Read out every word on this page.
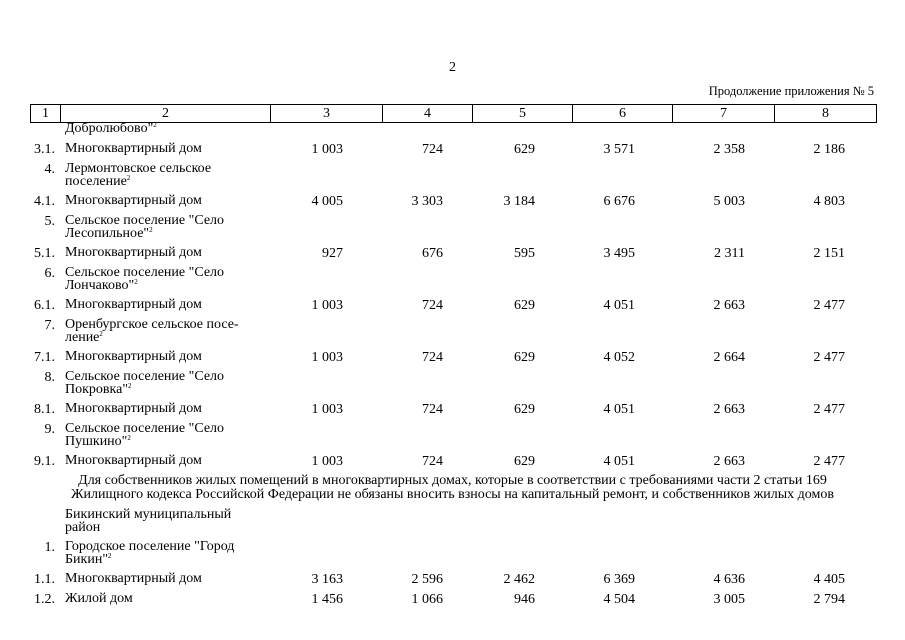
2
Продолжение приложения № 5
1	2	3	4	5	6	7	8
Добролюбово"$^2$
3.1. Многоквартирный дом	1 003	724	629	3 571	2 358	2 186
4. Лермонтовское сельское
поселение$^2$
4.1. Многоквартирный дом	4 005	3 303	3 184	6 676	5 003	4 803
5. Сельское поселение "Село
Лесопильное"$^2$
5.1. Многоквартирный дом	927	676	595	3 495	2 311	2 151
6. Сельское поселение "Село
Лончаково"$^2$
6.1. Многоквартирный дом	1 003	724	629	4 051	2 663	2 477
7. Оренбургское сельское посе-
ление$^2$
7.1. Многоквартирный дом	1 003	724	629	4 052	2 664	2 477
8. Сельское поселение "Село
Покровка"$^2$
8.1. Многоквартирный дом	1 003	724	629	4 051	2 663	2 477
9. Сельское поселение "Село
Пушкино"$^2$
9.1. Многоквартирный дом	1 003	724	629	4 051	2 663	2 477
Для собственников жилых помещений в многоквартирных домах, которые в соответствии с требованиями части 2 статьи 169
Жилищного кодекса Российской Федерации не обязаны вносить взносы на капитальный ремонт, и собственников жилых домов
Бикинский муниципальный
район
1. Городское поселение "Город
Бикин"$^2$
1.1. Многоквартирный дом	3 163	2 596	2 462	6 369	4 636	4 405
1.2. Жилой дом	1 456	1 066	946	4 504	3 005	2 794
